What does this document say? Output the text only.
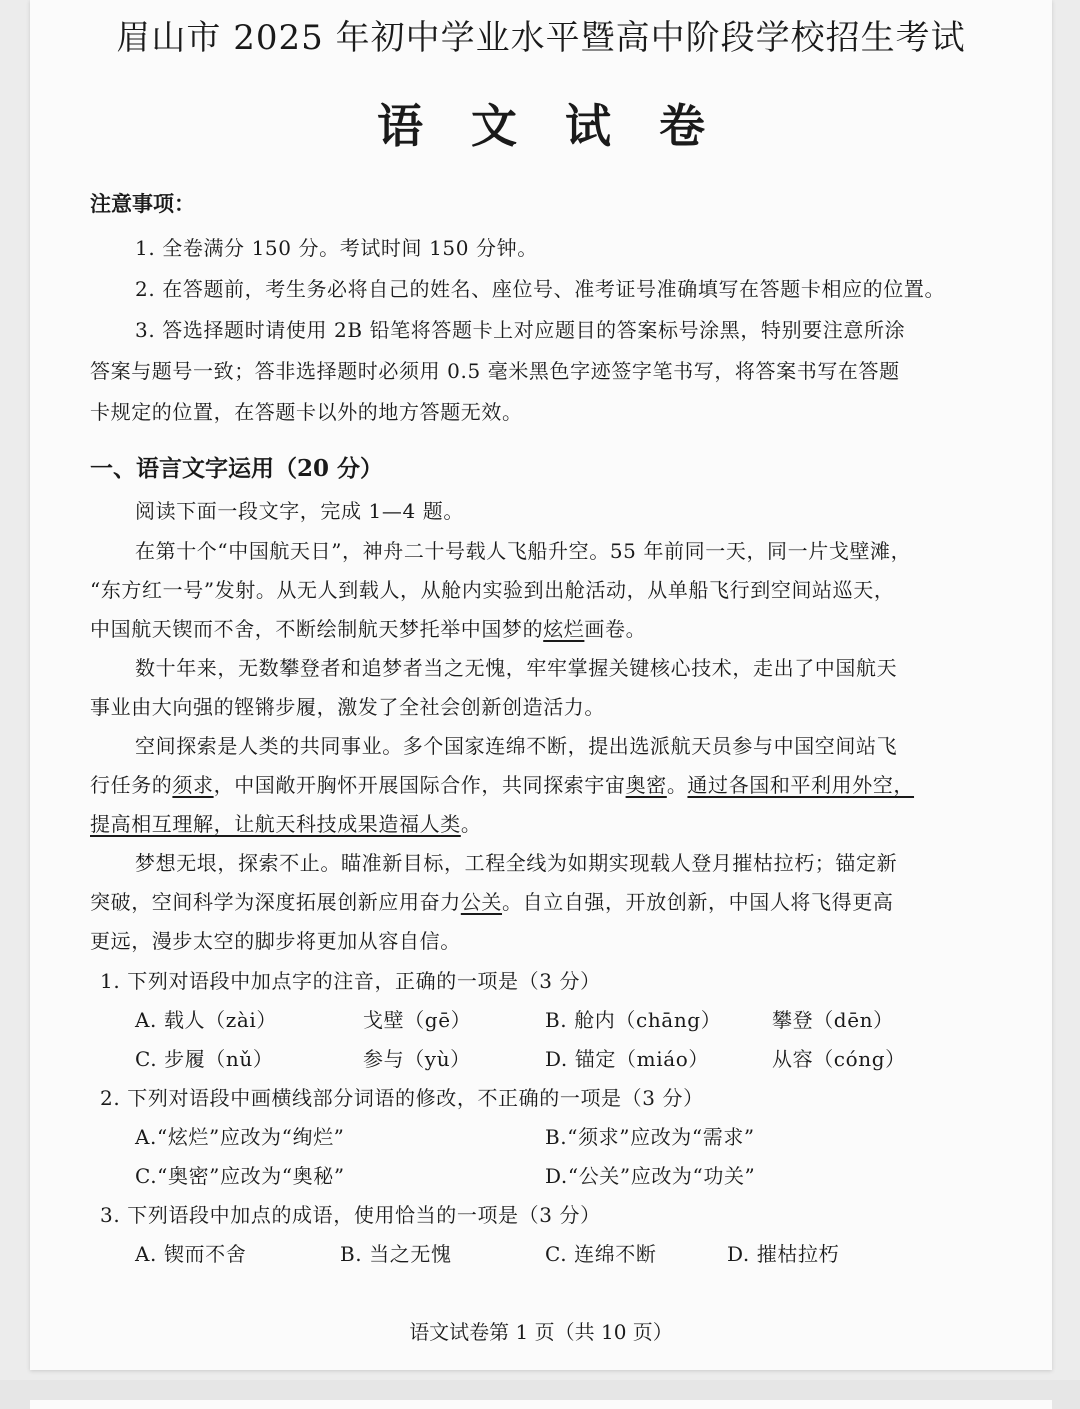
眉山市 2025 年初中学业水平暨高中阶段学校招生考试
语文试卷
注意事项：
1. 全卷满分 150 分。考试时间 150 分钟。
2. 在答题前，考生务必将自己的姓名、座位号、准考证号准确填写在答题卡相应的位置。
3. 答选择题时请使用 2B 铅笔将答题卡上对应题目的答案标号涂黑，特别要注意所涂
答案与题号一致；答非选择题时必须用 0.5 毫米黑色字迹签字笔书写，将答案书写在答题
卡规定的位置，在答题卡以外的地方答题无效。
一、语言文字运用（20 分）
阅读下面一段文字，完成 1—4 题。
在第十个“中国航天日”，神舟二十号载人飞船升空。55 年前同一天，同一片戈壁滩，
“东方红一号”发射。从无人到载人，从舱内实验到出舱活动，从单船飞行到空间站巡天，
中国航天锲而不舍，不断绘制航天梦托举中国梦的炫烂画卷。
数十年来，无数攀登者和追梦者当之无愧，牢牢掌握关键核心技术，走出了中国航天
事业由大向强的铿锵步履，激发了全社会创新创造活力。
空间探索是人类的共同事业。多个国家连绵不断，提出选派航天员参与中国空间站飞
行任务的须求，中国敞开胸怀开展国际合作，共同探索宇宙奥密。通过各国和平利用外空，
提高相互理解，让航天科技成果造福人类。
梦想无垠，探索不止。瞄准新目标，工程全线为如期实现载人登月摧枯拉朽；锚定新
突破，空间科学为深度拓展创新应用奋力公关。自立自强，开放创新，中国人将飞得更高
更远，漫步太空的脚步将更加从容自信。
1. 下列对语段中加点字的注音，正确的一项是（3 分）
A. 载人（zài）	戈壁（gē）	B. 舱内（chāng）	攀登（dēn）
C. 步履（nǔ）	参与（yù）	D. 锚定（miáo）	从容（cóng）
2. 下列对语段中画横线部分词语的修改，不正确的一项是（3 分）
A.“炫烂”应改为“绚烂”	B.“须求”应改为“需求”
C.“奥密”应改为“奥秘”	D.“公关”应改为“功关”
3. 下列语段中加点的成语，使用恰当的一项是（3 分）
A. 锲而不舍	B. 当之无愧	C. 连绵不断	D. 摧枯拉朽
语文试卷第 1 页（共 10 页）
